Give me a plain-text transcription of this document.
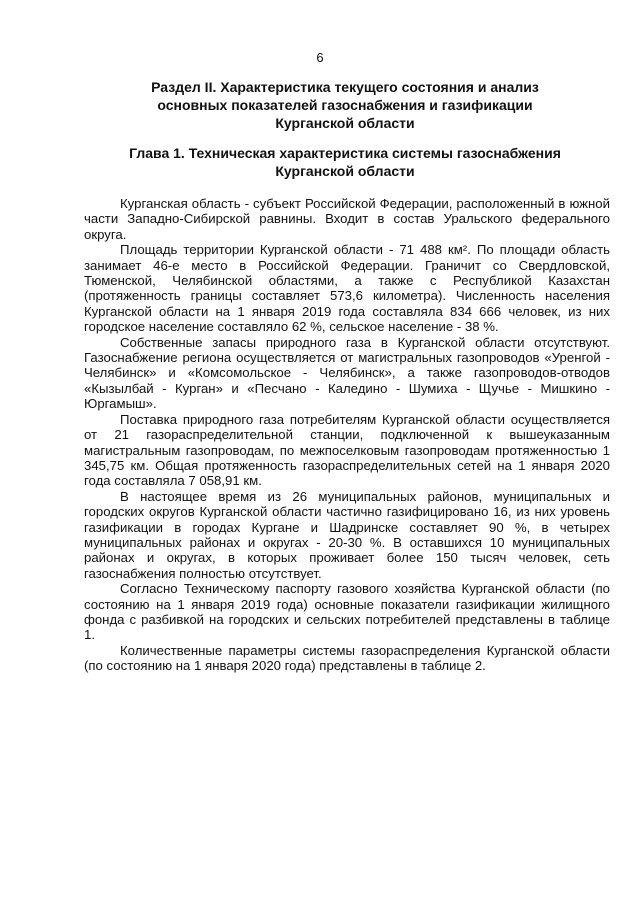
6
Раздел II. Характеристика текущего состояния и анализ
основных показателей газоснабжения и газификации
Курганской области
Глава 1. Техническая характеристика системы газоснабжения
Курганской области

Курганская область - субъект Российской Федерации, расположенный в южной части Западно-Сибирской равнины. Входит в состав Уральского федерального округа.

Площадь территории Курганской области - 71 488 км². По площади область занимает 46-е место в Российской Федерации. Граничит со Свердловской, Тюменской, Челябинской областями, а также с Республикой Казахстан (протяженность границы составляет 573,6 километра). Численность населения Курганской области на 1 января 2019 года составляла 834 666 человек, из них городское население составляло 62 %, сельское население - 38 %.

Собственные запасы природного газа в Курганской области отсутствуют. Газоснабжение региона осуществляется от магистральных газопроводов «Уренгой - Челябинск» и «Комсомольское - Челябинск», а также газопроводов-отводов «Кызылбай - Курган» и «Песчано - Каледино - Шумиха - Щучье - Мишкино - Юргамыш».

Поставка природного газа потребителям Курганской области осуществляется от 21 газораспределительной станции, подключенной к вышеуказанным магистральным газопроводам, по межпоселковым газопроводам протяженностью 1 345,75 км. Общая протяженность газораспределительных сетей на 1 января 2020 года составляла 7 058,91 км.

В настоящее время из 26 муниципальных районов, муниципальных и городских округов Курганской области частично газифицировано 16, из них уровень газификации в городах Кургане и Шадринске составляет 90 %, в четырех муниципальных районах и округах - 20-30 %. В оставшихся 10 муниципальных районах и округах, в которых проживает более 150 тысяч человек, сеть газоснабжения полностью отсутствует.

Согласно Техническому паспорту газового хозяйства Курганской области (по состоянию на 1 января 2019 года) основные показатели газификации жилищного фонда с разбивкой на городских и сельских потребителей представлены в таблице 1.

Количественные параметры системы газораспределения Курганской области (по состоянию на 1 января 2020 года) представлены в таблице 2.
